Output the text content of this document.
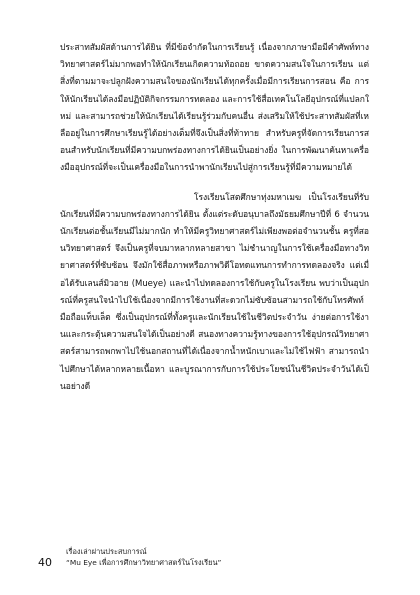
ประสาทสัมผัสด้านการได้ยิน ที่มีข้อจำกัดในการเรียนรู้ เนื่องจากภาษามือมีคำศัพท์ทางวิทยาศาสตร์ไม่มากพอทำให้นักเรียนเกิดความท้อถอย ขาดความสนใจในการเรียน แต่สิ่งที่ตามมาจะปลูกฝังความสนใจของนักเรียนได้ทุกครั้งเมื่อมีการเรียนการสอน คือ การให้นักเรียนได้ลงมือปฏิบัติกิจกรรมการทดลอง และการใช้สื่อเทคโนโลยีอุปกรณ์ที่แปลกใหม่ และสามารถช่วยให้นักเรียนได้เรียนรู้ร่วมกับคนอื่น ส่งเสริมให้ใช้ประสาทสัมผัสที่เหลืออยู่ในการศึกษาเรียนรู้ได้อย่างเต็มที่จึงเป็นสิ่งที่ท้าทาย สำหรับครูที่จัดการเรียนการสอนสำหรับนักเรียนที่มีความบกพร่องทางการได้ยินเป็นอย่างยิ่ง ในการพัฒนาค้นหาเครื่องมืออุปกรณ์ที่จะเป็นเครื่องมือในการนำพานักเรียนไปสู่การเรียนรู้ที่มีความหมายได้

โรงเรียนโสตศึกษาทุ่งมหาเมฆ เป็นโรงเรียนที่รับนักเรียนที่มีความบกพร่องทางการได้ยิน ตั้งแต่ระดับอนุบาลถึงมัธยมศึกษาปีที่ 6 จำนวนนักเรียนต่อชั้นเรียนมีไม่มากนัก ทำให้มีครูวิทยาศาสตร์ไม่เพียงพอต่อจำนวนชั้น ครูที่สอนวิทยาศาสตร์ จึงเป็นครูที่จบมาหลากหลายสาขา ไม่ชำนาญในการใช้เครื่องมือทางวิทยาศาสตร์ที่ซับซ้อน จึงมักใช้สื่อภาพหรือภาพวิดีโอทดแทนการทำการทดลองจริง แต่เมื่อได้รับเลนส์มิวอาย (Mueye) และนำไปทดลองการใช้กับครูในโรงเรียน พบว่าเป็นอุปกรณ์ที่ครูสนใจนำไปใช้เนื่องจากมีการใช้งานที่สะดวกไม่ซับซ้อนสามารถใช้กับโทรศัพท์มือถือแท็บเล็ต ซึ่งเป็นอุปกรณ์ที่ทั้งครูและนักเรียนใช้ในชีวิตประจำวัน ง่ายต่อการใช้งานและกระตุ้นความสนใจได้เป็นอย่างดี สนองทางความรู้ทางของการใช้อุปกรณ์วิทยาศาสตร์สามารถพกพาไปใช้นอกสถานที่ได้เนื่องจากน้ำหนักเบาและไม่ใช้ไฟฟ้า สามารถนำไปศึกษาได้หลากหลายเนื้อหา และบูรณาการกับการใช้ประโยชน์ในชีวิตประจำวันได้เป็นอย่างดี

40
เรื่องเล่าผ่านประสบการณ์
“Mu Eye เพื่อการศึกษาวิทยาศาสตร์ในโรงเรียน”
